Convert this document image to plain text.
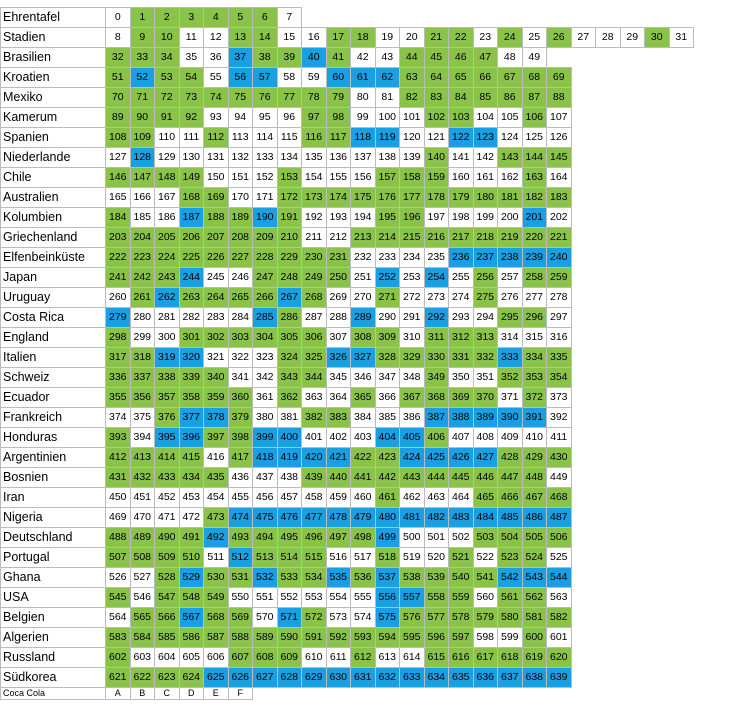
Ehrentafel	0	1	2	3	4	5	6	7																	
Stadien	8	9	10	11	12	13	14	15	16	17	18	19	20	21	22	23	24	25	26	27	28	29	30	31	
Brasilien	32	33	34	35	36	37	38	39	40	41	42	43	44	45	46	47	48	49							
Kroatien	51	52	53	54	55	56	57	58	59	60	61	62	63	64	65	66	67	68	69						
Mexiko	70	71	72	73	74	75	76	77	78	79	80	81	82	83	84	85	86	87	88						
Kamerum	89	90	91	92	93	94	95	96	97	98	99	100	101	102	103	104	105	106	107						
Spanien	108	109	110	111	112	113	114	115	116	117	118	119	120	121	122	123	124	125	126						
Niederlande	127	128	129	130	131	132	133	134	135	136	137	138	139	140	141	142	143	144	145						
Chile	146	147	148	149	150	151	152	153	154	155	156	157	158	159	160	161	162	163	164						
Australien	165	166	167	168	169	170	171	172	173	174	175	176	177	178	179	180	181	182	183						
Kolumbien	184	185	186	187	188	189	190	191	192	193	194	195	196	197	198	199	200	201	202						
Griechenland	203	204	205	206	207	208	209	210	211	212	213	214	215	216	217	218	219	220	221						
Elfenbeinküste	222	223	224	225	226	227	228	229	230	231	232	233	234	235	236	237	238	239	240						
Japan	241	242	243	244	245	246	247	248	249	250	251	252	253	254	255	256	257	258	259						
Uruguay	260	261	262	263	264	265	266	267	268	269	270	271	272	273	274	275	276	277	278						
Costa Rica	279	280	281	282	283	284	285	286	287	288	289	290	291	292	293	294	295	296	297						
England	298	299	300	301	302	303	304	305	306	307	308	309	310	311	312	313	314	315	316						
Italien	317	318	319	320	321	322	323	324	325	326	327	328	329	330	331	332	333	334	335						
Schweiz	336	337	338	339	340	341	342	343	344	345	346	347	348	349	350	351	352	353	354						
Ecuador	355	356	357	358	359	360	361	362	363	364	365	366	367	368	369	370	371	372	373						
Frankreich	374	375	376	377	378	379	380	381	382	383	384	385	386	387	388	389	390	391	392						
Honduras	393	394	395	396	397	398	399	400	401	402	403	404	405	406	407	408	409	410	411						
Argentinien	412	413	414	415	416	417	418	419	420	421	422	423	424	425	426	427	428	429	430						
Bosnien	431	432	433	434	435	436	437	438	439	440	441	442	443	444	445	446	447	448	449						
Iran	450	451	452	453	454	455	456	457	458	459	460	461	462	463	464	465	466	467	468						
Nigeria	469	470	471	472	473	474	475	476	477	478	479	480	481	482	483	484	485	486	487						
Deutschland	488	489	490	491	492	493	494	495	496	497	498	499	500	501	502	503	504	505	506						
Portugal	507	508	509	510	511	512	513	514	515	516	517	518	519	520	521	522	523	524	525						
Ghana	526	527	528	529	530	531	532	533	534	535	536	537	538	539	540	541	542	543	544						
USA	545	546	547	548	549	550	551	552	553	554	555	556	557	558	559	560	561	562	563						
Belgien	564	565	566	567	568	569	570	571	572	573	574	575	576	577	578	579	580	581	582						
Algerien	583	584	585	586	587	588	589	590	591	592	593	594	595	596	597	598	599	600	601						
Russland	602	603	604	605	606	607	608	609	610	611	612	613	614	615	616	617	618	619	620						
Südkorea	621	622	623	624	625	626	627	628	629	630	631	632	633	634	635	636	637	638	639						
Coca Cola	A	B	C	D	E	F																			
